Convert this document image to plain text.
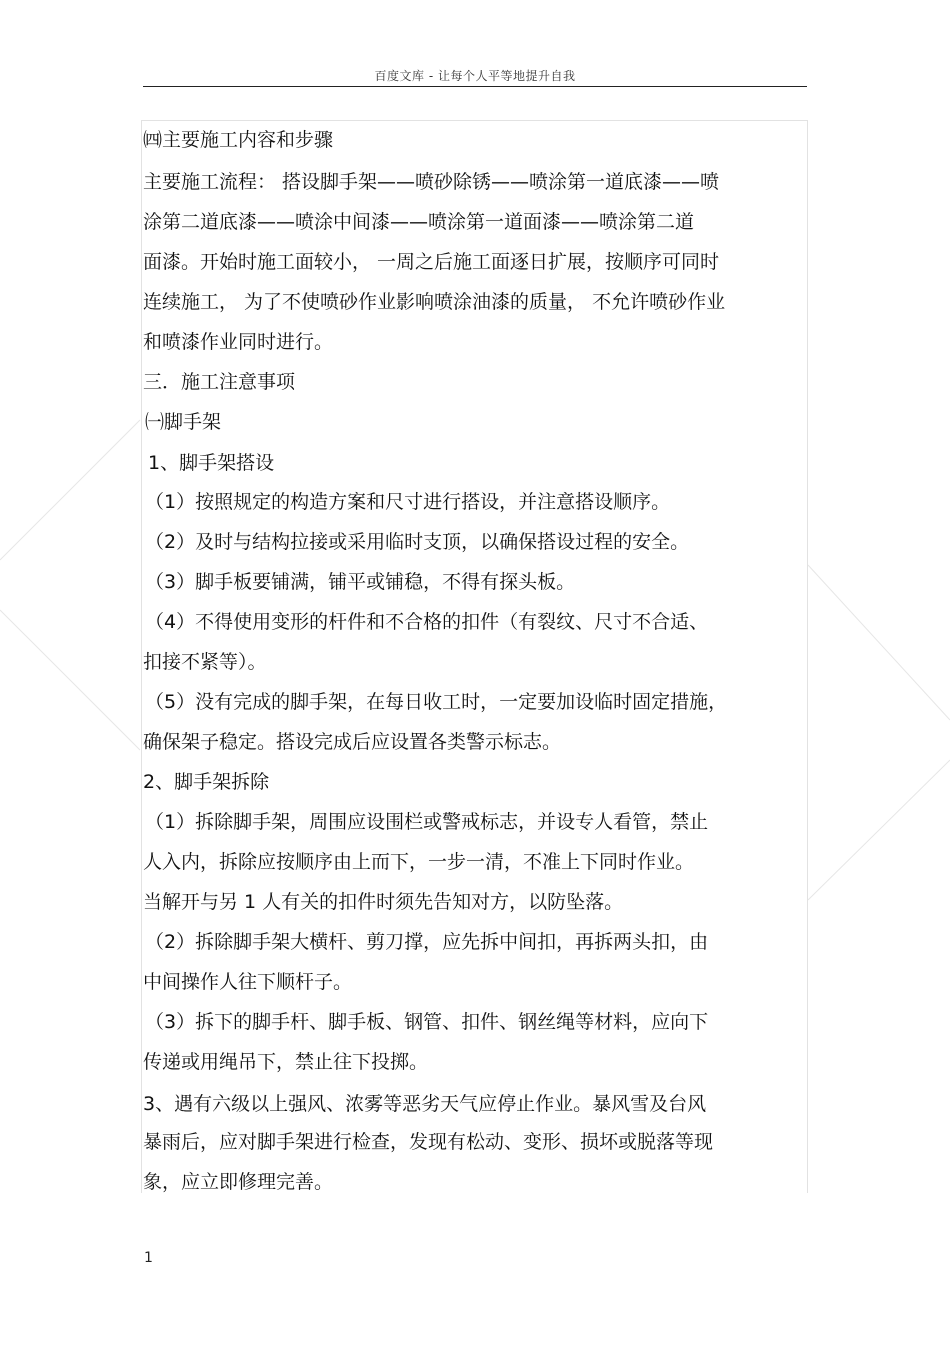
百度文库 - 让每个人平等地提升自我
㈣主要施工内容和步骤
主要施工流程： 搭设脚手架——喷砂除锈——喷涂第一道底漆——喷
涂第二道底漆——喷涂中间漆——喷涂第一道面漆——喷涂第二道
面漆。开始时施工面较小， 一周之后施工面逐日扩展，按顺序可同时
连续施工， 为了不使喷砂作业影响喷涂油漆的质量， 不允许喷砂作业
和喷漆作业同时进行。
三．施工注意事项
㈠脚手架
1、脚手架搭设
（1）按照规定的构造方案和尺寸进行搭设，并注意搭设顺序。
（2）及时与结构拉接或采用临时支顶，以确保搭设过程的安全。
（3）脚手板要铺满，铺平或铺稳，不得有探头板。
（4）不得使用变形的杆件和不合格的扣件（有裂纹、尺寸不合适、
扣接不紧等）。
（5）没有完成的脚手架，在每日收工时，一定要加设临时固定措施，
确保架子稳定。搭设完成后应设置各类警示标志。
2、脚手架拆除
（1）拆除脚手架，周围应设围栏或警戒标志，并设专人看管，禁止
人入内，拆除应按顺序由上而下，一步一清，不准上下同时作业。
当解开与另 1 人有关的扣件时须先告知对方，以防坠落。
（2）拆除脚手架大横杆、剪刀撑，应先拆中间扣，再拆两头扣，由
中间操作人往下顺杆子。
（3）拆下的脚手杆、脚手板、钢管、扣件、钢丝绳等材料，应向下
传递或用绳吊下，禁止往下投掷。
3、遇有六级以上强风、浓雾等恶劣天气应停止作业。暴风雪及台风
暴雨后，应对脚手架进行检查，发现有松动、变形、损坏或脱落等现
象，应立即修理完善。
1
